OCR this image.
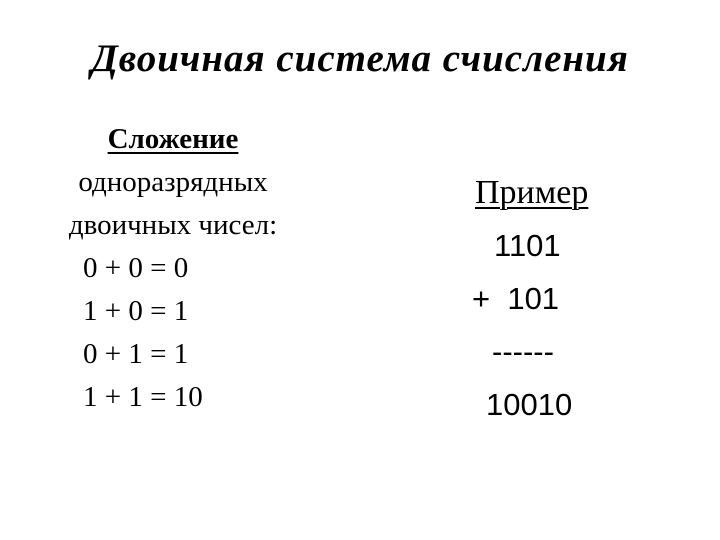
Двоичная система счисления
Сложение
одноразрядных
двоичных чисел:
0 + 0 = 0
1 + 0 = 1
0 + 1 = 1
1 + 1 = 10
Пример
1101
+  101
------
10010
